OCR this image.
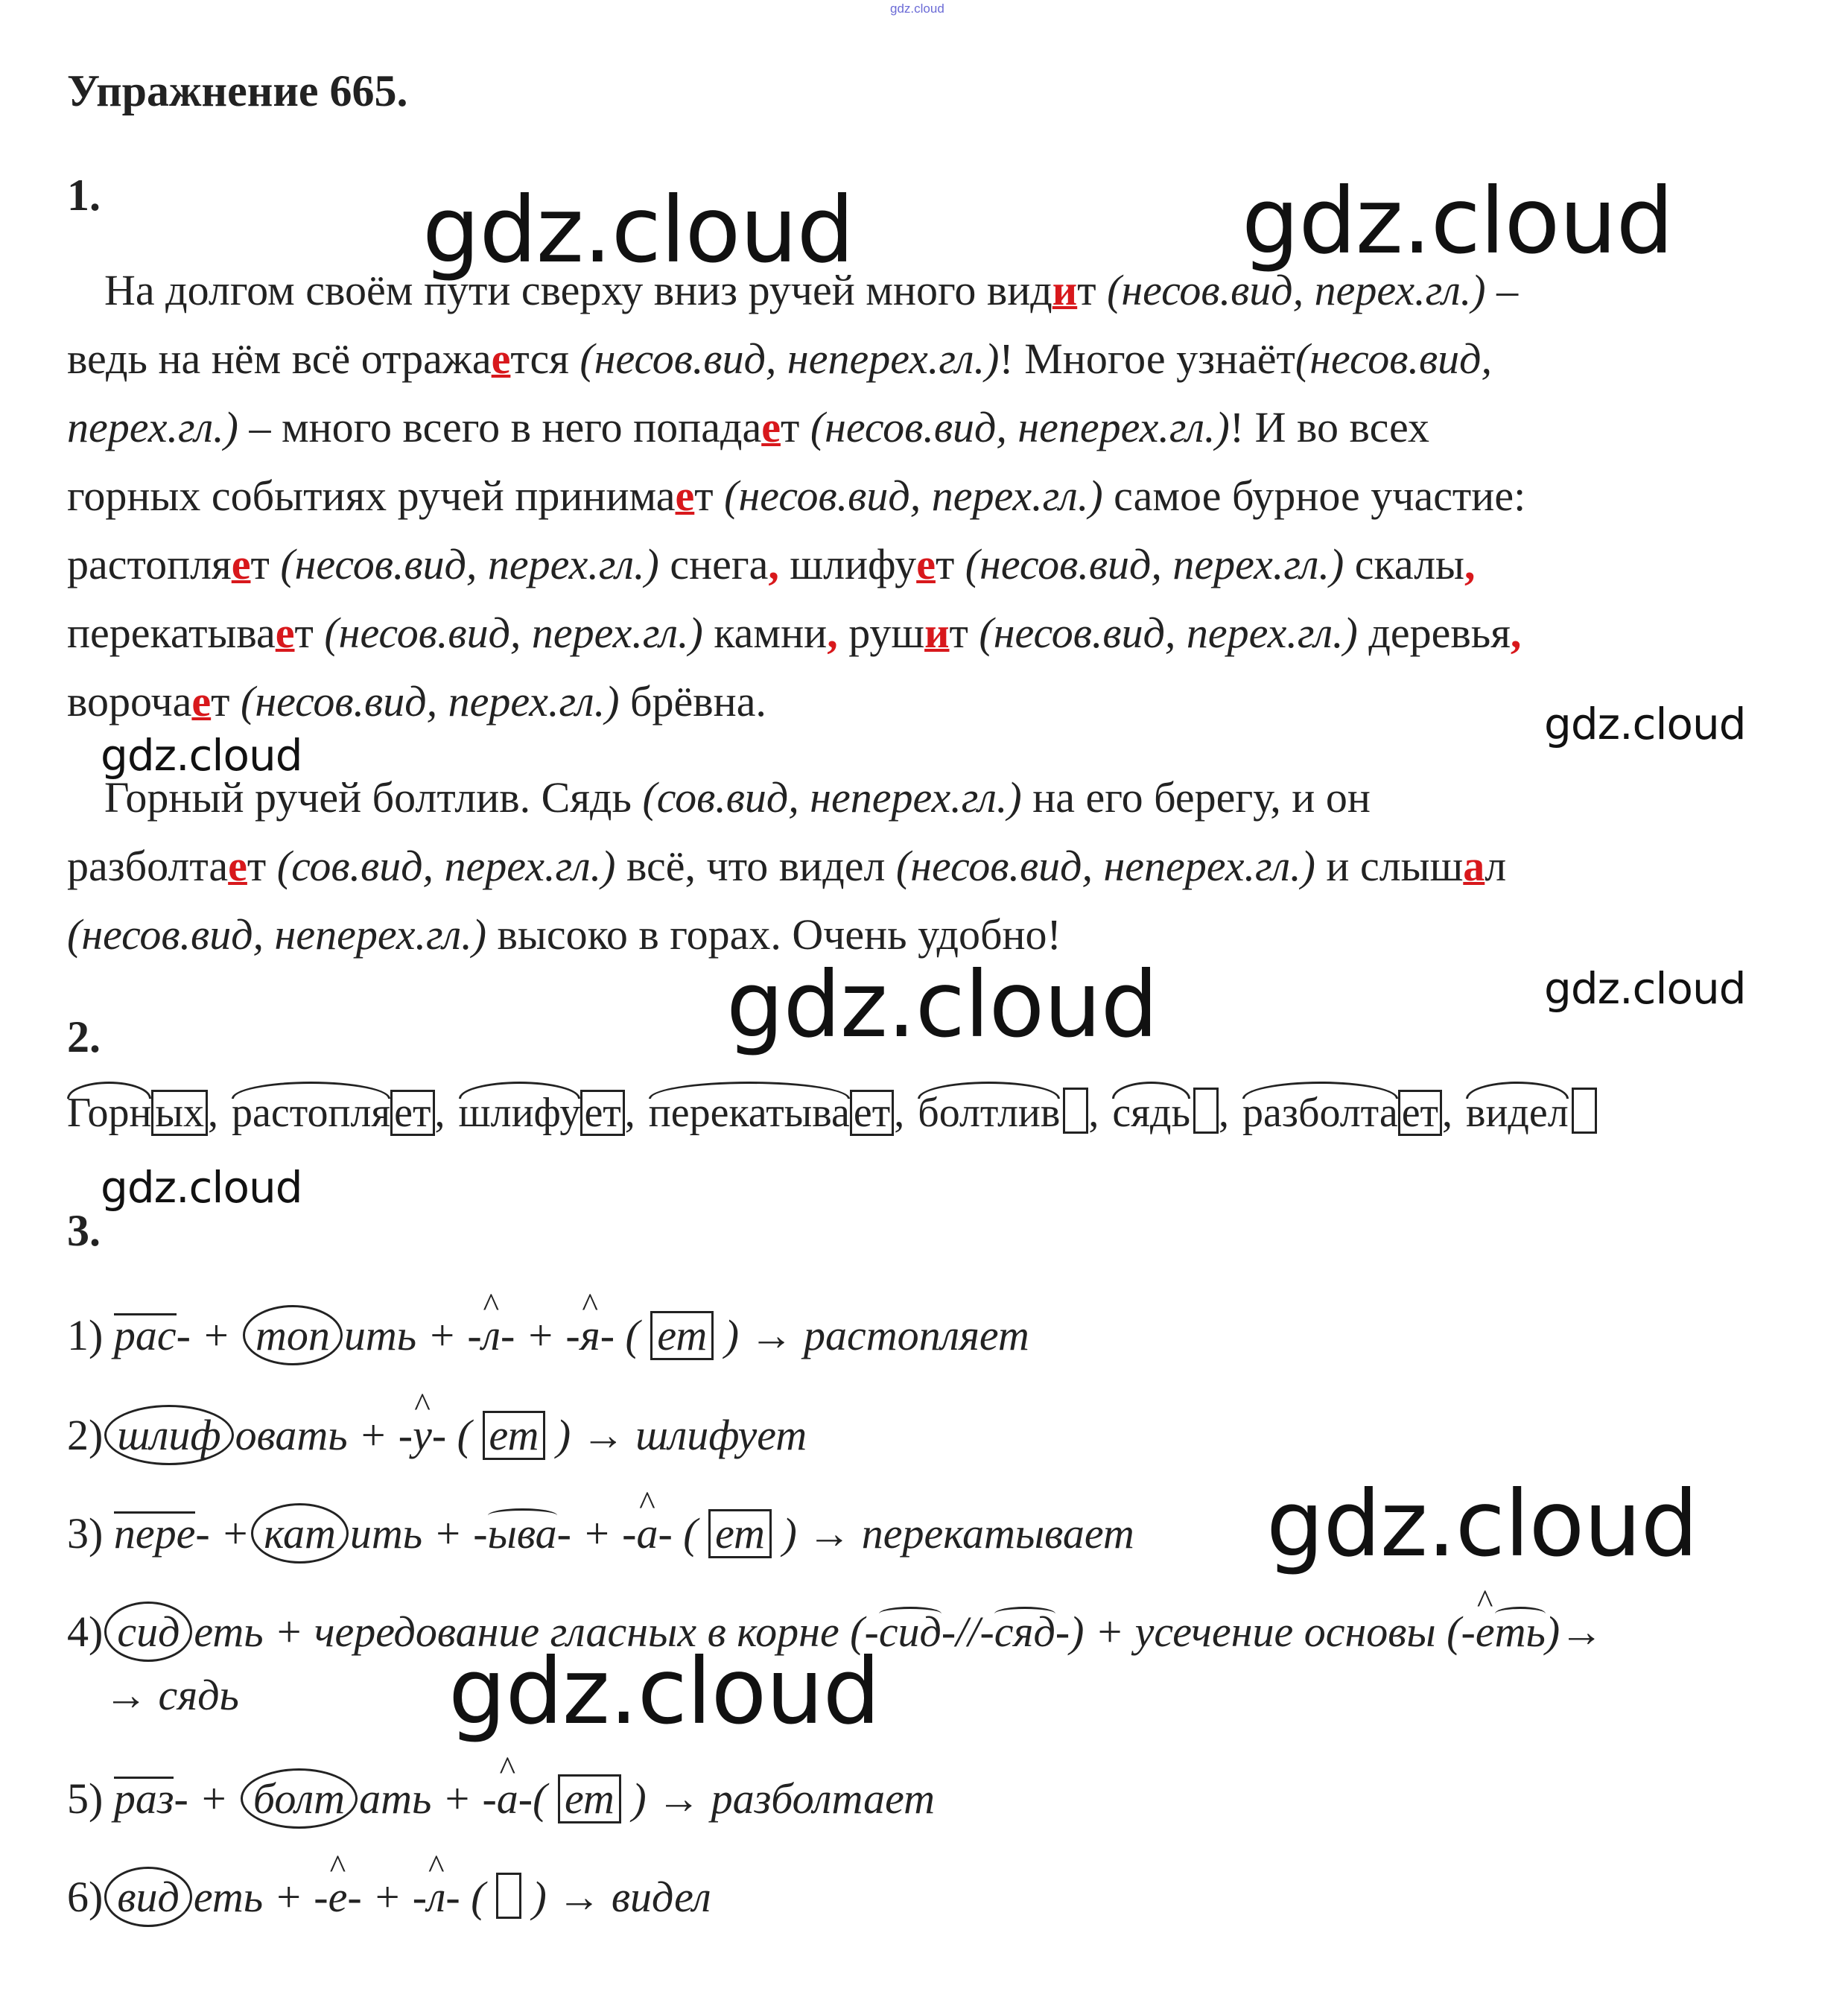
gdz.cloud
Упражнение 665.
1.
На долгом своём пути сверху вниз ручей много видит (несов.вид, перех.гл.) –
ведь на нём всё отражается (несов.вид, неперех.гл.)! Многое узнаёт(несов.вид,
перех.гл.) – много всего в него попадает (несов.вид, неперех.гл.)! И во всех
горных событиях ручей принимает (несов.вид, перех.гл.) самое бурное участие:
растопляет (несов.вид, перех.гл.) снега, шлифует (несов.вид, перех.гл.) скалы,
перекатывает (несов.вид, перех.гл.) камни, рушит (несов.вид, перех.гл.) деревья,
ворочает (несов.вид, перех.гл.) брёвна.
Горный ручей болтлив. Сядь (сов.вид, неперех.гл.) на его берегу, и он
разболтает (сов.вид, перех.гл.) всё, что видел (несов.вид, неперех.гл.) и слышал
(несов.вид, неперех.гл.) высоко в горах. Очень удобно!
2.
Горных, растопляет, шлифует, перекатывает, болтлив , сядь , разболтает, видел
3.
1) рас- + топ ить + -^ л- + -^ я- ( ет ) → растопляет
2) шлиф овать + -^ у- ( ет ) → шлифует
3) пере- + кат ить + -ыва- + -^ а- ( ет ) → перекатывает
4) сид еть + чередование гласных в корне (-сид-//-сяд-) + усечение основы (-^ еть)→
→ сядь
5) раз- + болт ать + -^ а-( ет ) → разболтает
6) вид еть + -^ е- + -^ л- (  ) → видел
gdz.cloud	gdz.cloud
gdz.cloud
gdz.cloud
gdz.cloud	gdz.cloud
gdz.cloud
gdz.cloud
gdz.cloud
